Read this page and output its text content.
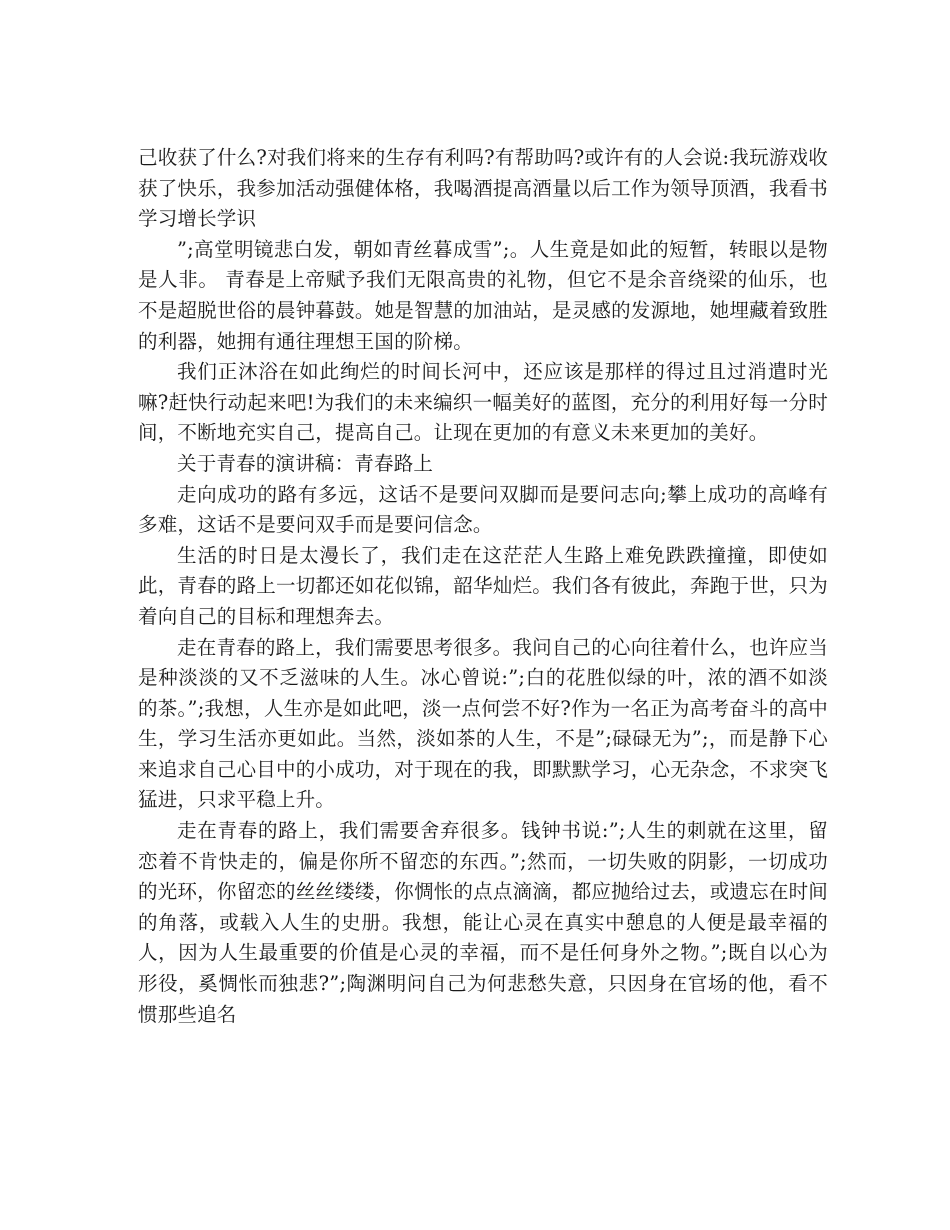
己收获了什么?对我们将来的生存有利吗?有帮助吗?或许有的人会说:我玩游戏收获了快乐，我参加活动强健体格，我喝酒提高酒量以后工作为领导顶酒，我看书学习增长学识

”;高堂明镜悲白发，朝如青丝暮成雪”;。人生竟是如此的短暂，转眼以是物是人非。 青春是上帝赋予我们无限高贵的礼物，但它不是余音绕梁的仙乐，也不是超脱世俗的晨钟暮鼓。她是智慧的加油站，是灵感的发源地，她埋藏着致胜的利器，她拥有通往理想王国的阶梯。

我们正沐浴在如此绚烂的时间长河中，还应该是那样的得过且过消遣时光嘛?赶快行动起来吧!为我们的未来编织一幅美好的蓝图，充分的利用好每一分时间，不断地充实自己，提高自己。让现在更加的有意义未来更加的美好。

关于青春的演讲稿：青春路上

走向成功的路有多远，这话不是要问双脚而是要问志向;攀上成功的高峰有多难，这话不是要问双手而是要问信念。

生活的时日是太漫长了，我们走在这茫茫人生路上难免跌跌撞撞，即使如此，青春的路上一切都还如花似锦，韶华灿烂。我们各有彼此，奔跑于世，只为着向自己的目标和理想奔去。

走在青春的路上，我们需要思考很多。我问自己的心向往着什么，也许应当是种淡淡的又不乏滋味的人生。冰心曾说:”;白的花胜似绿的叶，浓的酒不如淡的茶。”;我想，人生亦是如此吧，淡一点何尝不好?作为一名正为高考奋斗的高中生，学习生活亦更如此。当然，淡如茶的人生，不是”;碌碌无为”;，而是静下心来追求自己心目中的小成功，对于现在的我，即默默学习，心无杂念，不求突飞猛进，只求平稳上升。

走在青春的路上，我们需要舍弃很多。钱钟书说:”;人生的刺就在这里，留恋着不肯快走的，偏是你所不留恋的东西。”;然而，一切失败的阴影，一切成功的光环，你留恋的丝丝缕缕，你惆怅的点点滴滴，都应抛给过去，或遗忘在时间的角落，或载入人生的史册。我想，能让心灵在真实中憩息的人便是最幸福的人，因为人生最重要的价值是心灵的幸福，而不是任何身外之物。”;既自以心为形役，奚惆怅而独悲?”;陶渊明问自己为何悲愁失意，只因身在官场的他，看不惯那些追名
